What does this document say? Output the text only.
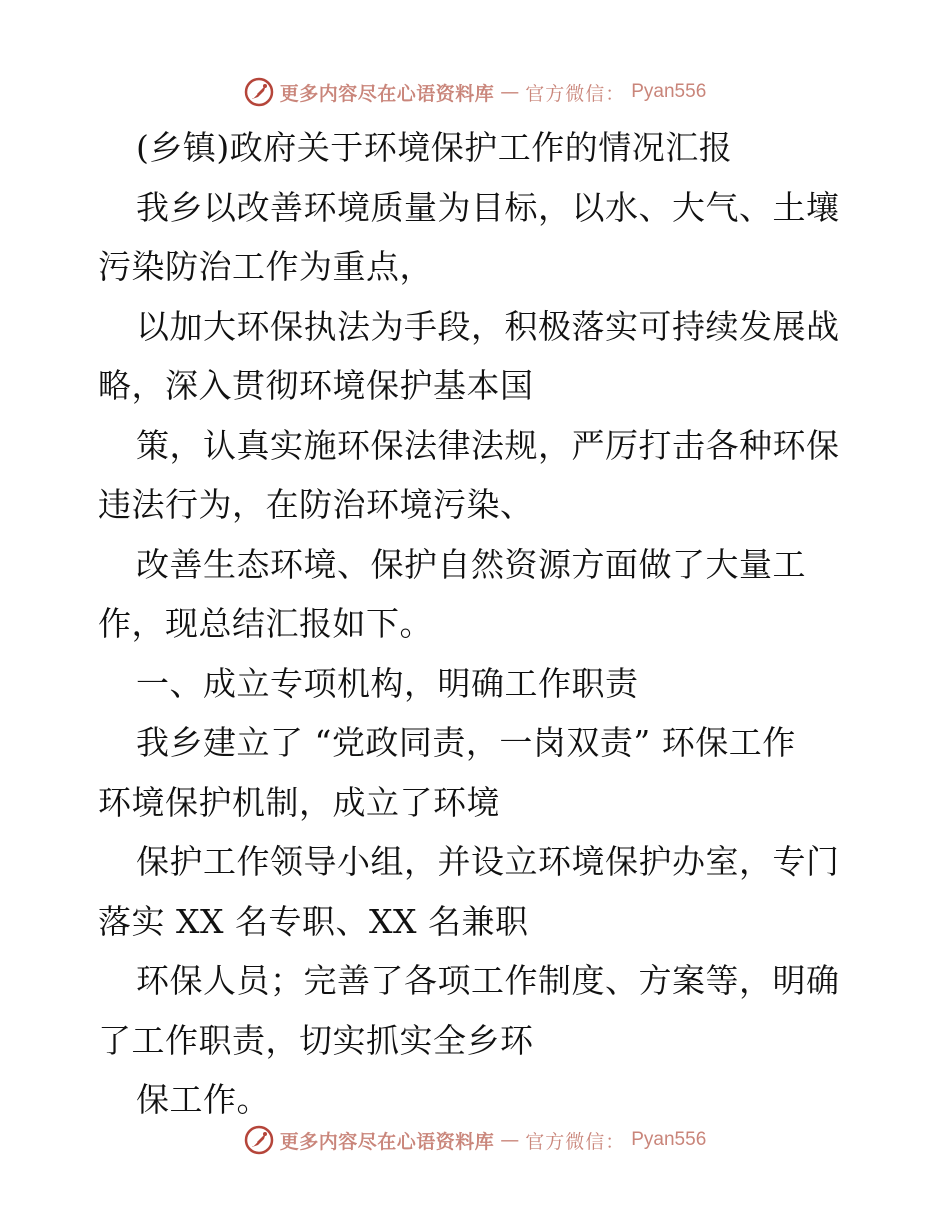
更多内容尽在心语资料库 — 官方微信： Pyan556
(乡镇)政府关于环境保护工作的情况汇报
我乡以改善环境质量为目标，以水、大气、土壤
污染防治工作为重点，
以加大环保执法为手段，积极落实可持续发展战
略，深入贯彻环境保护基本国
策，认真实施环保法律法规，严厉打击各种环保
违法行为，在防治环境污染、
改善生态环境、保护自然资源方面做了大量工
作，现总结汇报如下。
一、成立专项机构，明确工作职责
我乡建立了 “党政同责，一岗双责” 环保工作
环境保护机制，成立了环境
保护工作领导小组，并设立环境保护办室，专门
落实 XX 名专职、XX 名兼职
环保人员；完善了各项工作制度、方案等，明确
了工作职责，切实抓实全乡环
保工作。
更多内容尽在心语资料库 — 官方微信： Pyan556
